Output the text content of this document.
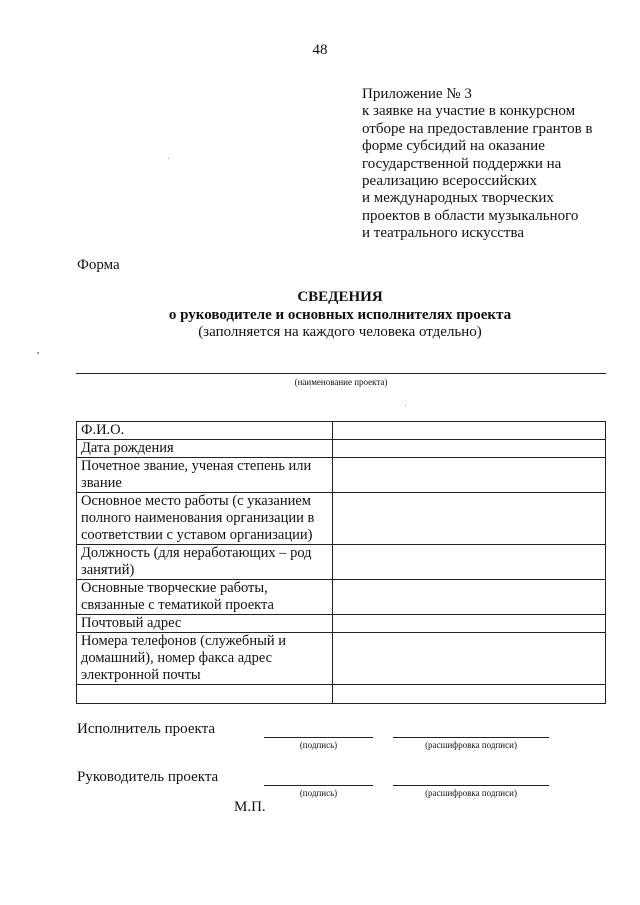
48
Приложение № 3
к заявке на участие в конкурсном
отборе на предоставление грантов в
форме субсидий на оказание
государственной поддержки на
реализацию всероссийских
и международных творческих
проектов в области музыкального
и театрального искусства
Форма
СВЕДЕНИЯ
о руководителе и основных исполнителях проекта
(заполняется на каждого человека отдельно)
(наименование проекта)
Ф.И.О.	
Дата рождения	
Почетное звание, ученая степень или звание	
Основное место работы (с указанием полного наименования организации в соответствии с уставом организации)	
Должность (для неработающих – род занятий)	
Основные творческие работы, связанные с тематикой проекта	
Почтовый адрес	
Номера телефонов (служебный и домашний), номер факса адрес электронной почты	

Исполнитель проекта
(подпись)	(расшифровка подписи)
Руководитель проекта
(подпись)	(расшифровка подписи)
М.П.
